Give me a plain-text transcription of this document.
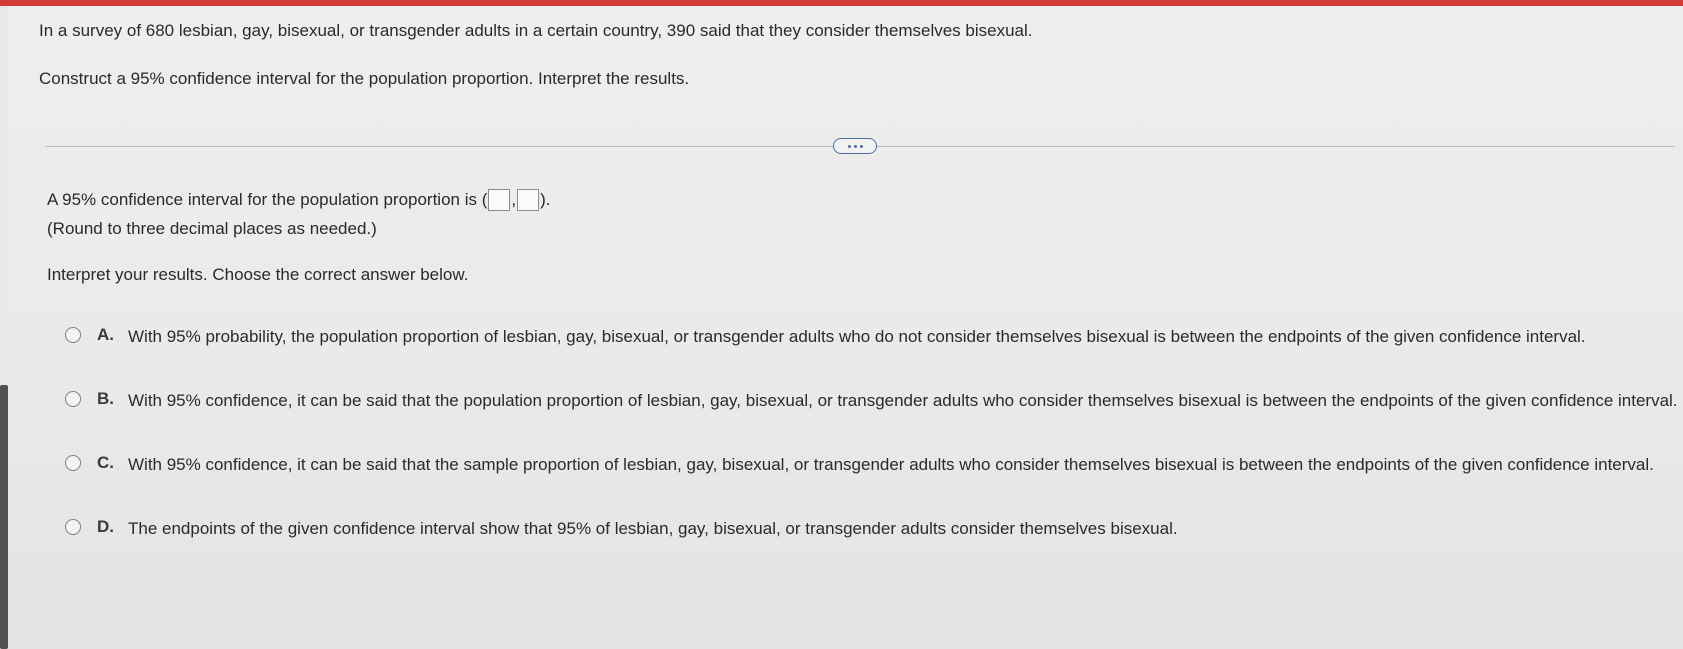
In a survey of 680 lesbian, gay, bisexual, or transgender adults in a certain country, 390 said that they consider themselves bisexual.
Construct a 95% confidence interval for the population proportion. Interpret the results.
A 95% confidence interval for the population proportion is ( , ).
(Round to three decimal places as needed.)
Interpret your results. Choose the correct answer below.
A. With 95% probability, the population proportion of lesbian, gay, bisexual, or transgender adults who do not consider themselves bisexual is between the endpoints of the given confidence interval.
B. With 95% confidence, it can be said that the population proportion of lesbian, gay, bisexual, or transgender adults who consider themselves bisexual is between the endpoints of the given confidence interval.
C. With 95% confidence, it can be said that the sample proportion of lesbian, gay, bisexual, or transgender adults who consider themselves bisexual is between the endpoints of the given confidence interval.
D. The endpoints of the given confidence interval show that 95% of lesbian, gay, bisexual, or transgender adults consider themselves bisexual.
